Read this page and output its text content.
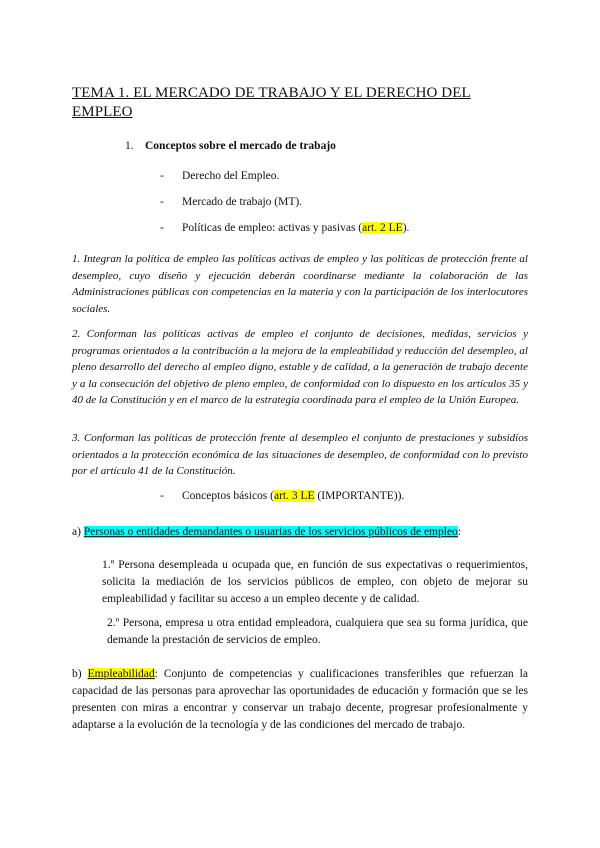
TEMA 1. EL MERCADO DE TRABAJO Y EL DERECHO DEL EMPLEO
1. Conceptos sobre el mercado de trabajo
- Derecho del Empleo.
- Mercado de trabajo (MT).
- Políticas de empleo: activas y pasivas (art. 2 LE).
1. Integran la política de empleo las políticas activas de empleo y las políticas de protección frente al desempleo, cuyo diseño y ejecución deberán coordinarse mediante la colaboración de las Administraciones públicas con competencias en la materia y con la participación de los interlocutores sociales.
2. Conforman las políticas activas de empleo el conjunto de decisiones, medidas, servicios y programas orientados a la contribución a la mejora de la empleabilidad y reducción del desempleo, al pleno desarrollo del derecho al empleo digno, estable y de calidad, a la generación de trabajo decente y a la consecución del objetivo de pleno empleo, de conformidad con lo dispuesto en los artículos 35 y 40 de la Constitución y en el marco de la estrategia coordinada para el empleo de la Unión Europea.
3. Conforman las políticas de protección frente al desempleo el conjunto de prestaciones y subsidios orientados a la protección económica de las situaciones de desempleo, de conformidad con lo previsto por el artículo 41 de la Constitución.
- Conceptos básicos (art. 3 LE (IMPORTANTE)).
a) Personas o entidades demandantes o usuarias de los servicios públicos de empleo:
1.º Persona desempleada u ocupada que, en función de sus expectativas o requerimientos, solicita la mediación de los servicios públicos de empleo, con objeto de mejorar su empleabilidad y facilitar su acceso a un empleo decente y de calidad.
2.º Persona, empresa u otra entidad empleadora, cualquiera que sea su forma jurídica, que demande la prestación de servicios de empleo.
b) Empleabilidad: Conjunto de competencias y cualificaciones transferibles que refuerzan la capacidad de las personas para aprovechar las oportunidades de educación y formación que se les presenten con miras a encontrar y conservar un trabajo decente, progresar profesionalmente y adaptarse a la evolución de la tecnología y de las condiciones del mercado de trabajo.
